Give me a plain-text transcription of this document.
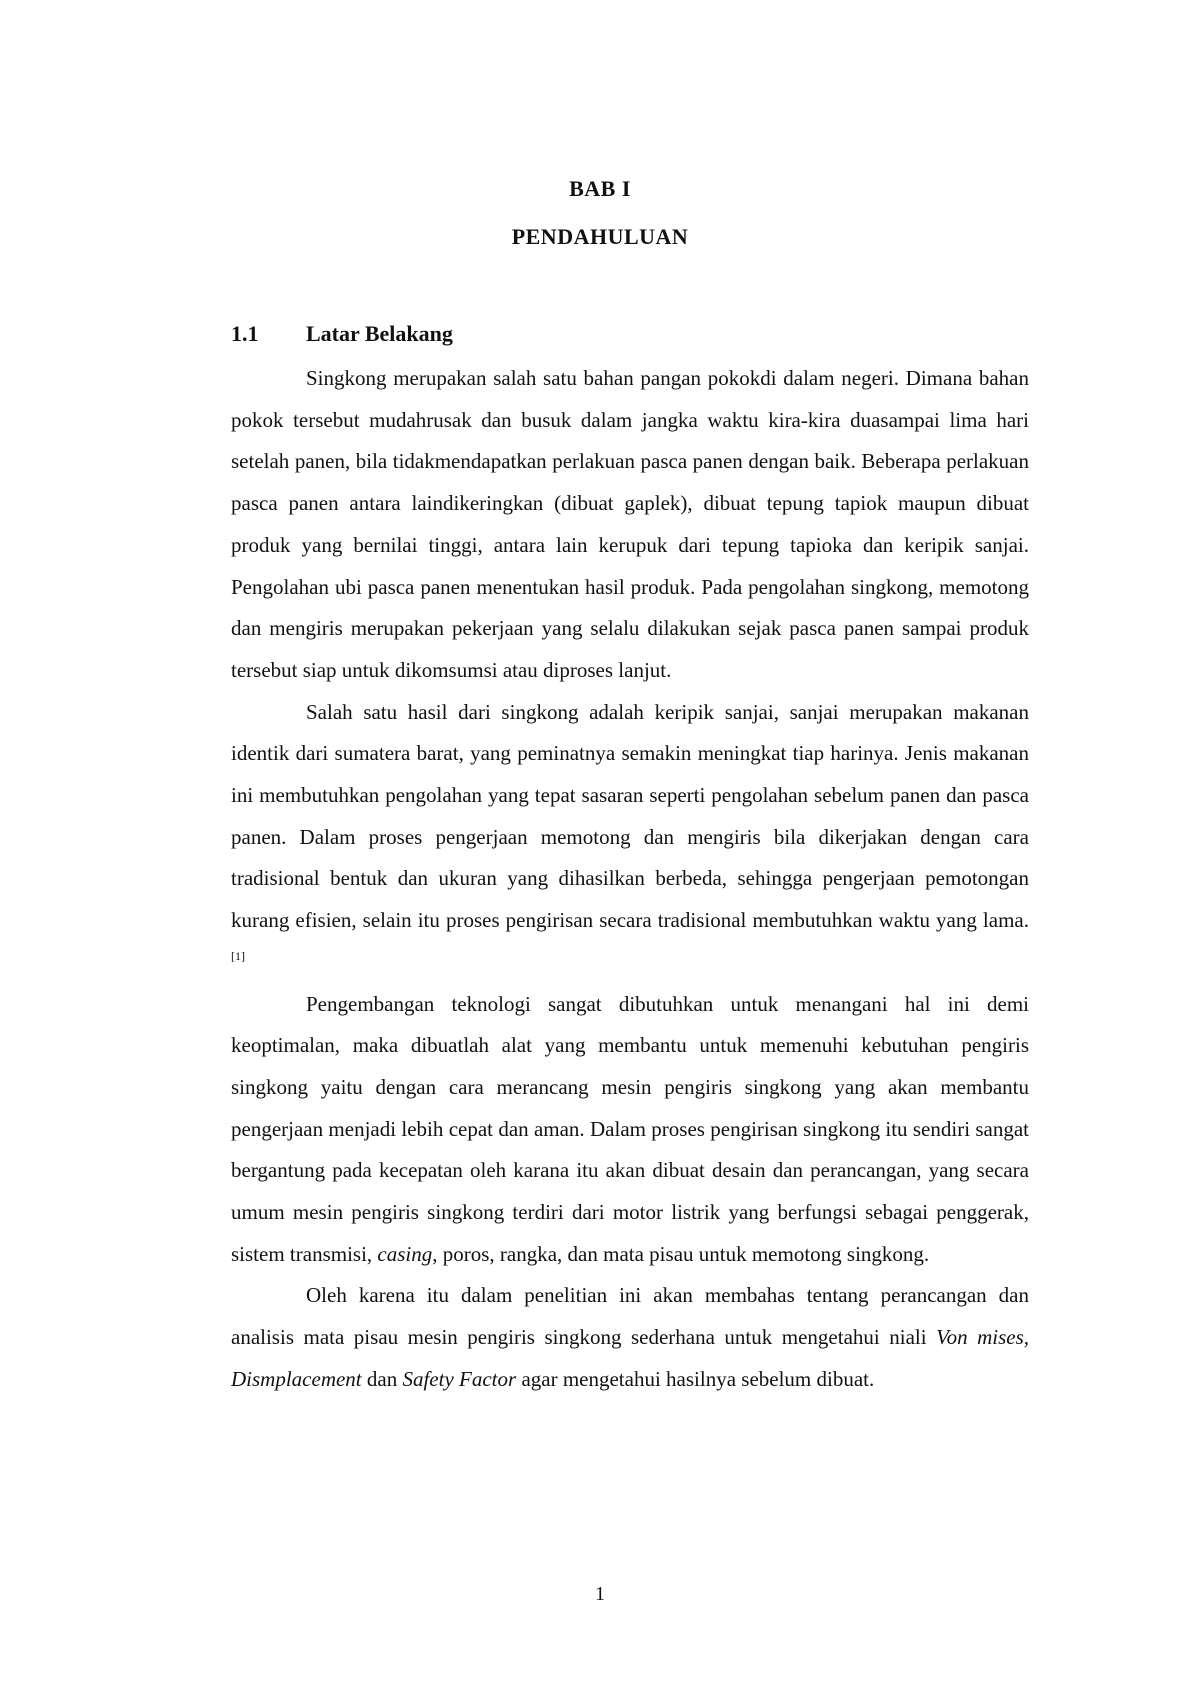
BAB I
PENDAHULUAN
1.1 Latar Belakang

Singkong merupakan salah satu bahan pangan pokokdi dalam negeri. Dimana bahan pokok tersebut mudahrusak dan busuk dalam jangka waktu kira-kira duasampai lima hari setelah panen, bila tidakmendapatkan perlakuan pasca panen dengan baik. Beberapa perlakuan pasca panen antara laindikeringkan (dibuat gaplek), dibuat tepung tapiok maupun dibuat produk yang bernilai tinggi, antara lain kerupuk dari tepung tapioka dan keripik sanjai. Pengolahan ubi pasca panen menentukan hasil produk. Pada pengolahan singkong, memotong dan mengiris merupakan pekerjaan yang selalu dilakukan sejak pasca panen sampai produk tersebut siap untuk dikomsumsi atau diproses lanjut.

Salah satu hasil dari singkong adalah keripik sanjai, sanjai merupakan makanan identik dari sumatera barat, yang peminatnya semakin meningkat tiap harinya. Jenis makanan ini membutuhkan pengolahan yang tepat sasaran seperti pengolahan sebelum panen dan pasca panen. Dalam proses pengerjaan memotong dan mengiris bila dikerjakan dengan cara tradisional bentuk dan ukuran yang dihasilkan berbeda, sehingga pengerjaan pemotongan kurang efisien, selain itu proses pengirisan secara tradisional membutuhkan waktu yang lama. [1]

Pengembangan teknologi sangat dibutuhkan untuk menangani hal ini demi keoptimalan, maka dibuatlah alat yang membantu untuk memenuhi kebutuhan pengiris singkong yaitu dengan cara merancang mesin pengiris singkong yang akan membantu pengerjaan menjadi lebih cepat dan aman. Dalam proses pengirisan singkong itu sendiri sangat bergantung pada kecepatan oleh karana itu akan dibuat desain dan perancangan, yang secara umum mesin pengiris singkong terdiri dari motor listrik yang berfungsi sebagai penggerak, sistem transmisi, casing, poros, rangka, dan mata pisau untuk memotong singkong.

Oleh karena itu dalam penelitian ini akan membahas tentang perancangan dan analisis mata pisau mesin pengiris singkong sederhana untuk mengetahui niali Von mises, Dismplacement dan Safety Factor agar mengetahui hasilnya sebelum dibuat.

1
